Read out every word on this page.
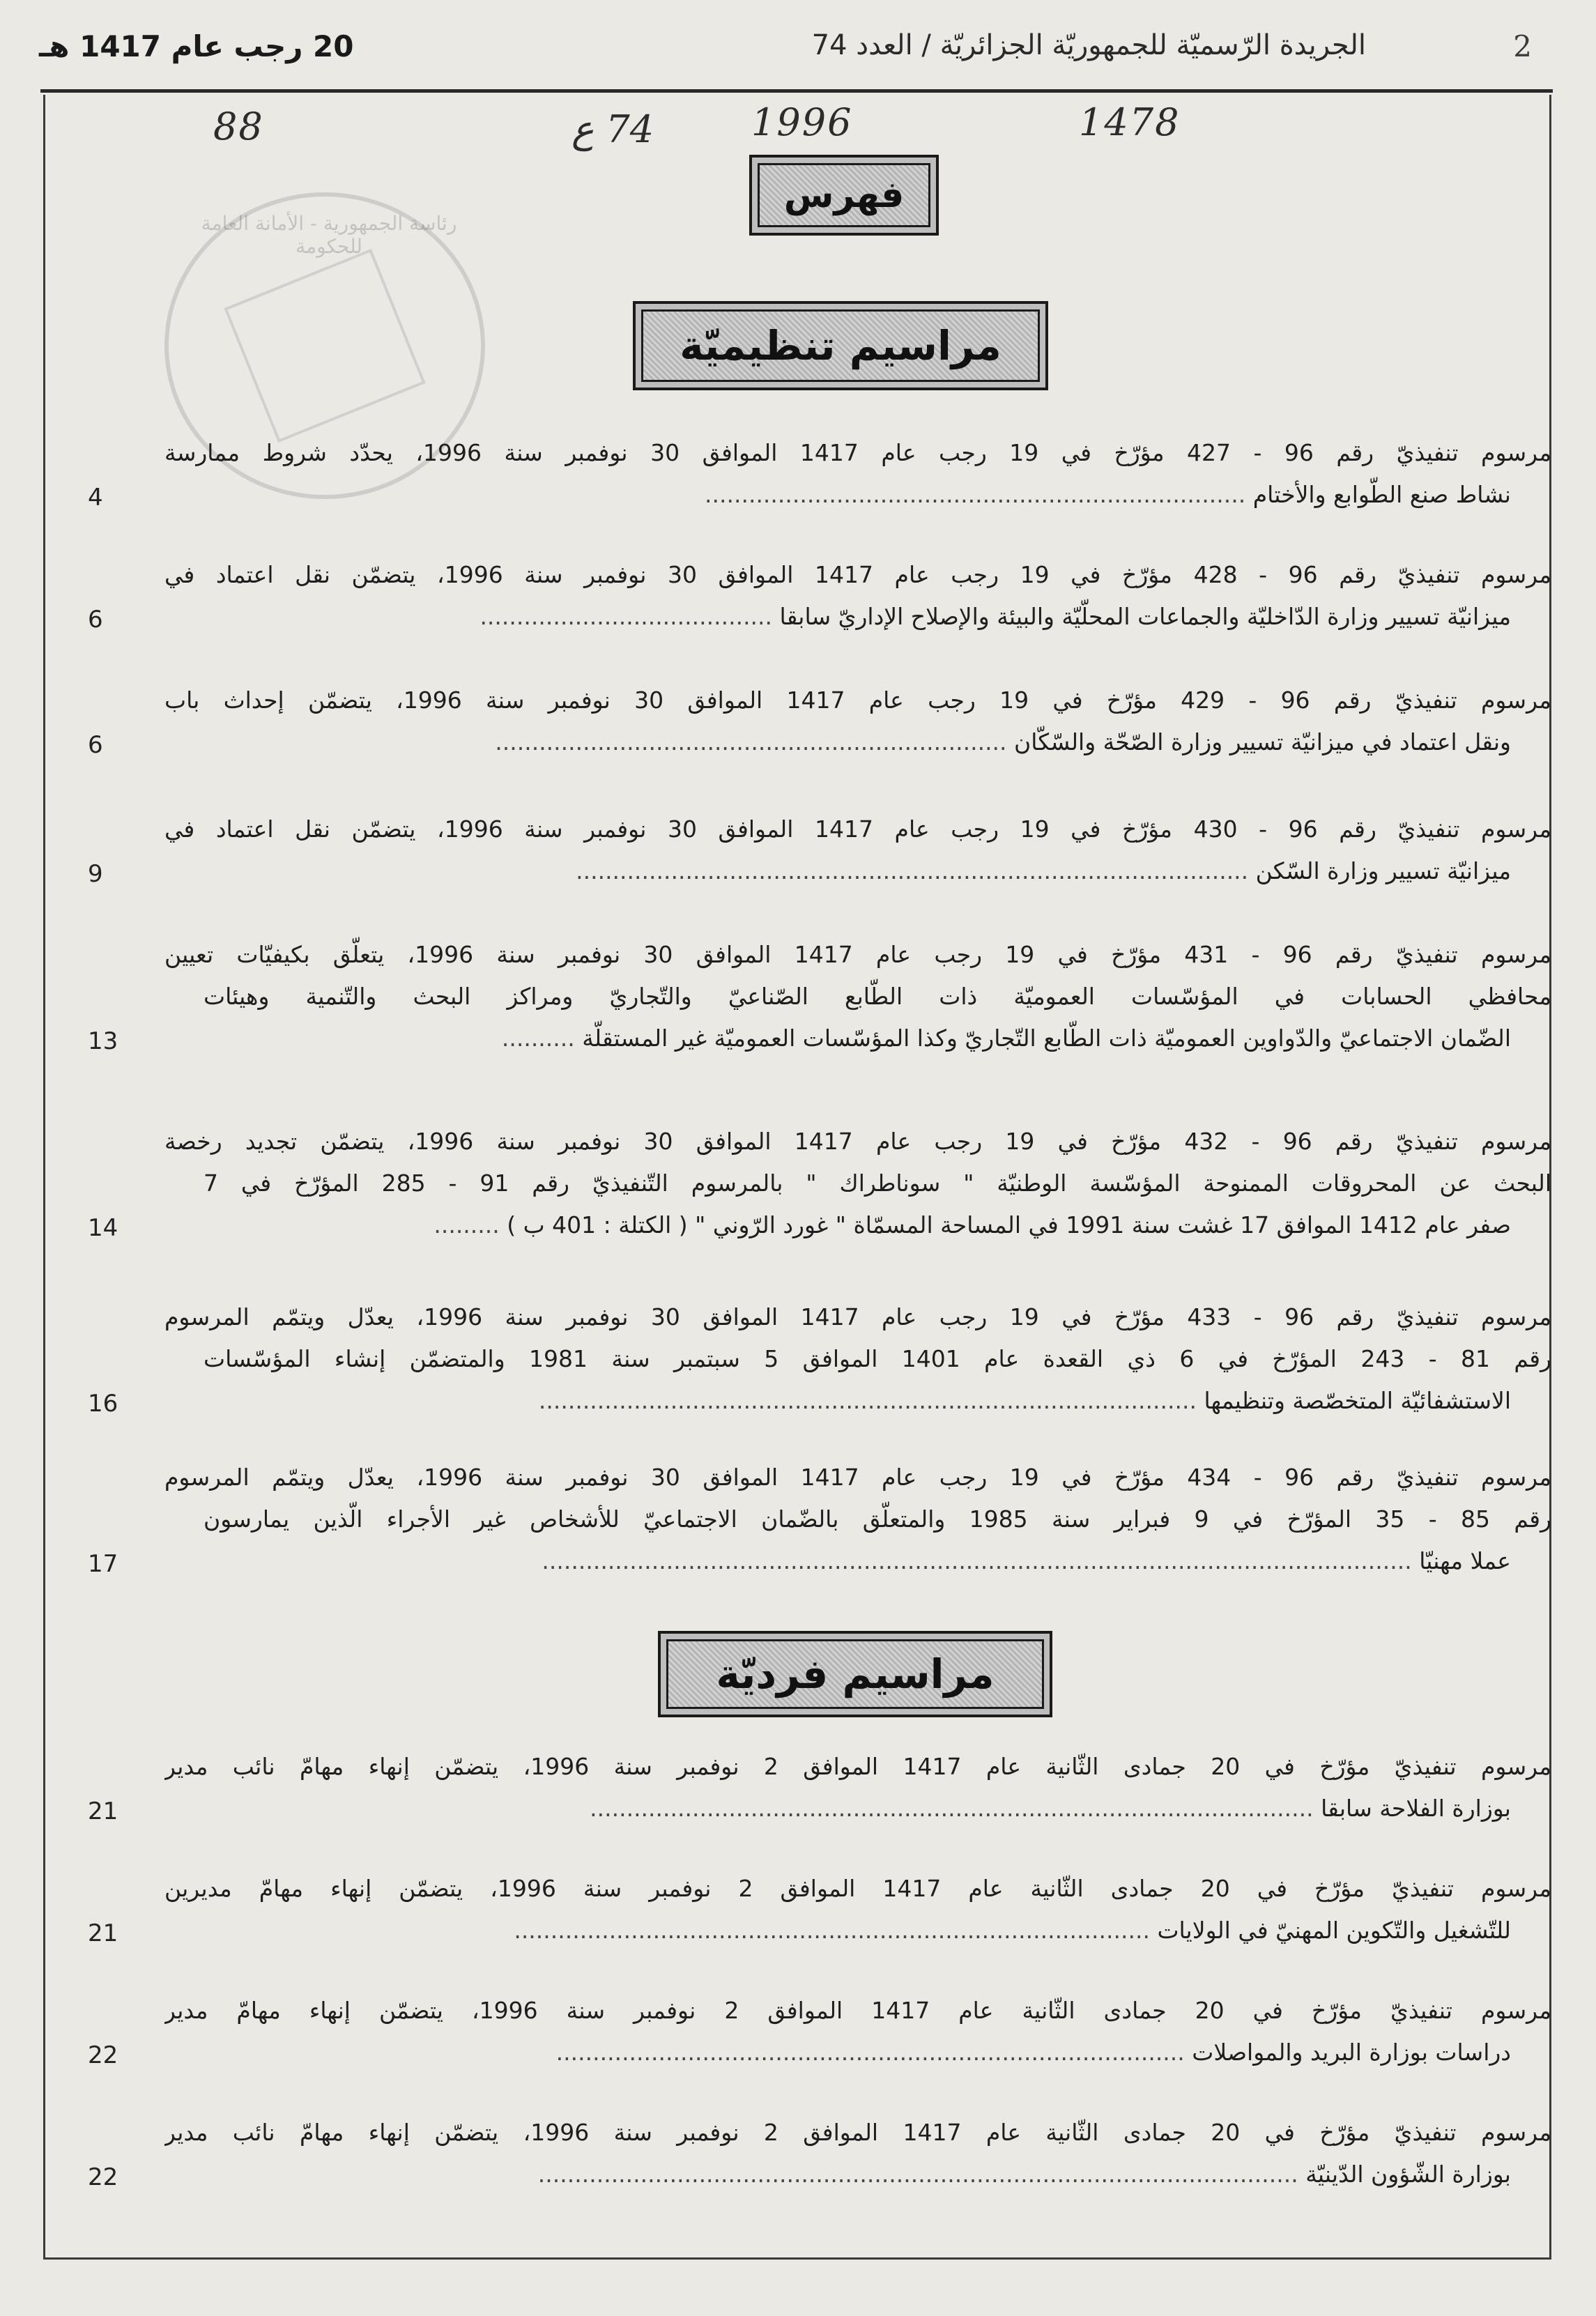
2
الجريدة الرّسميّة للجمهوريّة الجزائريّة / العدد 74
20 رجب عام 1417 هـ
1478
1996
74 ع
88
رئاسة الجمهورية - الأمانة العامة للحكومة
فهرس
مراسيم تنظيميّة
مراسيم فرديّة
مرسوم تنفيذيّ رقم 96 - 427 مؤرّخ في 19 رجب عام 1417 الموافق 30 نوفمبر سنة 1996، يحدّد شروط ممارسة
نشاط صنع الطّوابع والأختام ..........................................................................
4
مرسوم تنفيذيّ رقم 96 - 428 مؤرّخ في 19 رجب عام 1417 الموافق 30 نوفمبر سنة 1996، يتضمّن نقل اعتماد في
ميزانيّة تسيير وزارة الدّاخليّة والجماعات المحلّيّة والبيئة والإصلاح الإداريّ سابقا ........................................
6
مرسوم تنفيذيّ رقم 96 - 429 مؤرّخ في 19 رجب عام 1417 الموافق 30 نوفمبر سنة 1996، يتضمّن إحداث باب
ونقل اعتماد في ميزانيّة تسيير وزارة الصّحّة والسّكّان ......................................................................
6
مرسوم تنفيذيّ رقم 96 - 430 مؤرّخ في 19 رجب عام 1417 الموافق 30 نوفمبر سنة 1996، يتضمّن نقل اعتماد في
ميزانيّة تسيير وزارة السّكن ............................................................................................
9
مرسوم تنفيذيّ رقم 96 - 431 مؤرّخ في 19 رجب عام 1417 الموافق 30 نوفمبر سنة 1996، يتعلّق بكيفيّات تعيين
محافظي الحسابات في المؤسّسات العموميّة ذات الطّابع الصّناعيّ والتّجاريّ ومراكز البحث والتّنمية وهيئات
الضّمان الاجتماعيّ والدّواوين العموميّة ذات الطّابع التّجاريّ وكذا المؤسّسات العموميّة غير المستقلّة ..........
13
مرسوم تنفيذيّ رقم 96 - 432 مؤرّخ في 19 رجب عام 1417 الموافق 30 نوفمبر سنة 1996، يتضمّن تجديد رخصة
البحث عن المحروقات الممنوحة المؤسّسة الوطنيّة " سوناطراك " بالمرسوم التّنفيذيّ رقم 91 - 285 المؤرّخ في 7
صفر عام 1412 الموافق 17 غشت سنة 1991 في المساحة المسمّاة " غورد الرّوني " ( الكتلة : 401 ب ) .........
14
مرسوم تنفيذيّ رقم 96 - 433 مؤرّخ في 19 رجب عام 1417 الموافق 30 نوفمبر سنة 1996، يعدّل ويتمّم المرسوم
رقم 81 - 243 المؤرّخ في 6 ذي القعدة عام 1401 الموافق 5 سبتمبر سنة 1981 والمتضمّن إنشاء المؤسّسات
الاستشفائيّة المتخصّصة وتنظيمها ..........................................................................................
16
مرسوم تنفيذيّ رقم 96 - 434 مؤرّخ في 19 رجب عام 1417 الموافق 30 نوفمبر سنة 1996، يعدّل ويتمّم المرسوم
رقم 85 - 35 المؤرّخ في 9 فبراير سنة 1985 والمتعلّق بالضّمان الاجتماعيّ للأشخاص غير الأجراء الّذين يمارسون
عملا مهنيّا .......................................................................................................................
17
مرسوم تنفيذيّ مؤرّخ في 20 جمادى الثّانية عام 1417 الموافق 2 نوفمبر سنة 1996، يتضمّن إنهاء مهامّ نائب مدير
بوزارة الفلاحة سابقا ...................................................................................................
21
مرسوم تنفيذيّ مؤرّخ في 20 جمادى الثّانية عام 1417 الموافق 2 نوفمبر سنة 1996، يتضمّن إنهاء مهامّ مديرين
للتّشغيل والتّكوين المهنيّ في الولايات .......................................................................................
21
مرسوم تنفيذيّ مؤرّخ في 20 جمادى الثّانية عام 1417 الموافق 2 نوفمبر سنة 1996، يتضمّن إنهاء مهامّ مدير
دراسات بوزارة البريد والمواصلات ......................................................................................
22
مرسوم تنفيذيّ مؤرّخ في 20 جمادى الثّانية عام 1417 الموافق 2 نوفمبر سنة 1996، يتضمّن إنهاء مهامّ نائب مدير
بوزارة الشّؤون الدّينيّة ........................................................................................................
22
